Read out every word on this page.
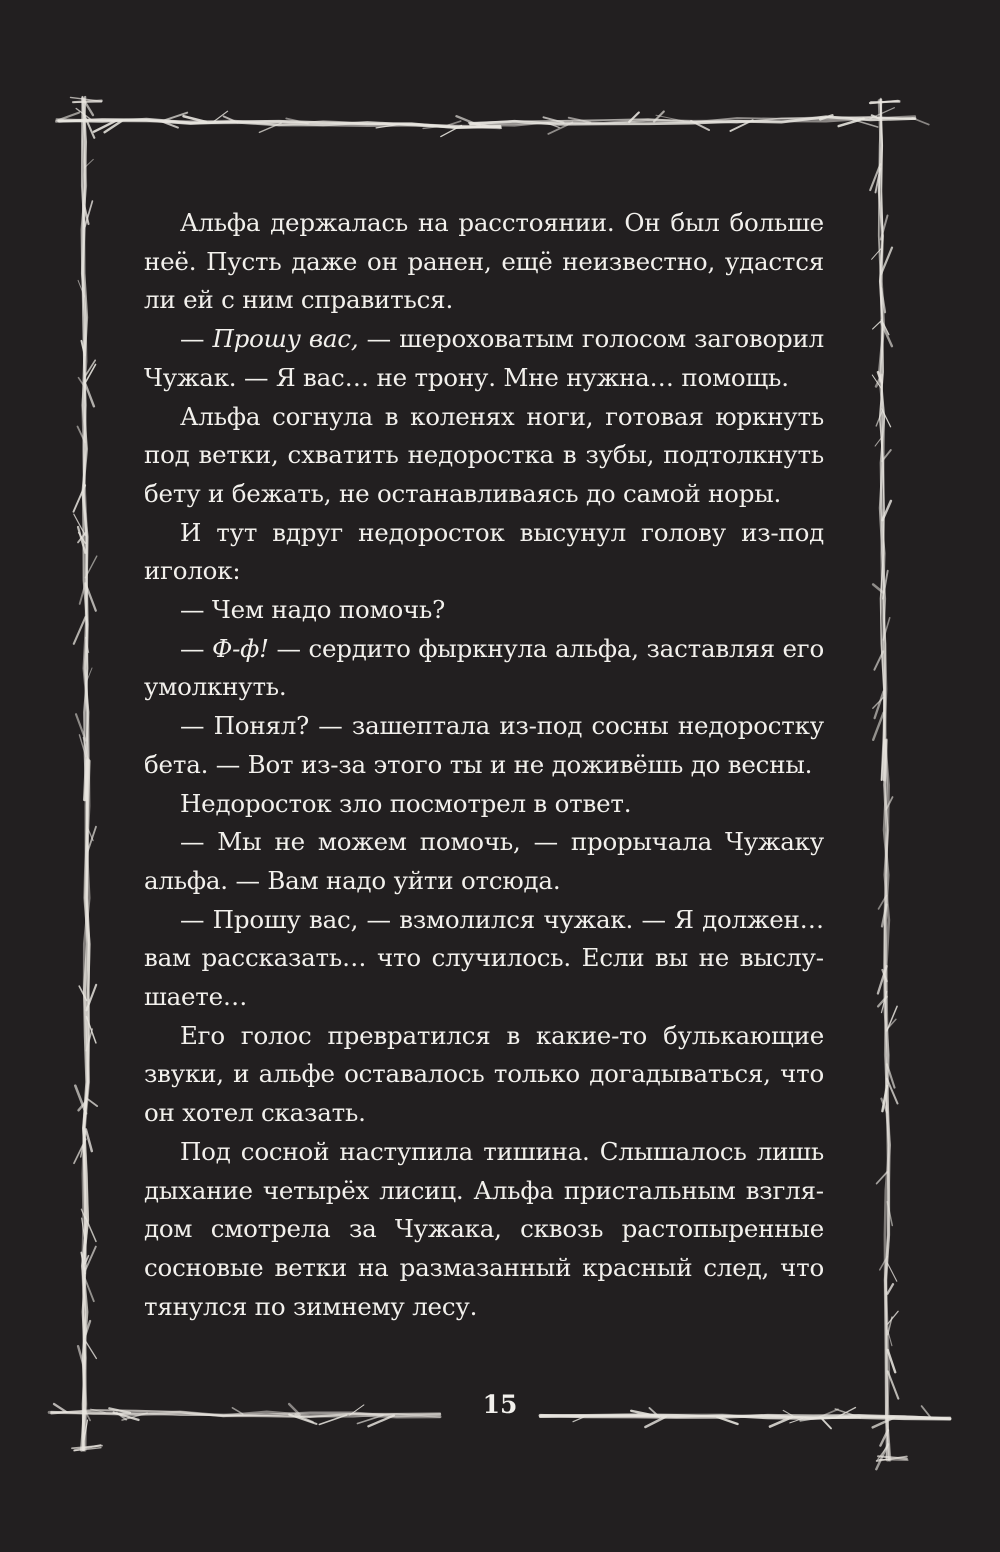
Альфа держалась на расстоянии. Он был больше неё. Пусть даже он ранен, ещё неизвестно, удастся ли ей с ним справиться.

— Прошу вас, — шероховатым голосом заговорил Чужак. — Я вас… не трону. Мне нужна… помощь.

Альфа согнула в коленях ноги, готовая юркнуть под ветки, схватить недоростка в зубы, подтолкнуть бету и бежать, не останавливаясь до самой норы.

И тут вдруг недоросток высунул голову из-под иголок:

— Чем надо помочь?

— Ф-ф! — сердито фыркнула альфа, заставляя его умолкнуть.

— Понял? — зашептала из-под сосны недоростку бета. — Вот из-за этого ты и не доживёшь до весны.

Недоросток зло посмотрел в ответ.

— Мы не можем помочь, — прорычала Чужаку альфа. — Вам надо уйти отсюда.

— Прошу вас, — взмолился чужак. — Я должен… вам рассказать… что случилось. Если вы не выслушаете…

Его голос превратился в какие-то булькающие звуки, и альфе оставалось только догадываться, что он хотел сказать.

Под сосной наступила тишина. Слышалось лишь дыхание четырёх лисиц. Альфа пристальным взглядом смотрела за Чужака, сквозь растопыренные сосновые ветки на размазанный красный след, что тянулся по зимнему лесу.

15
